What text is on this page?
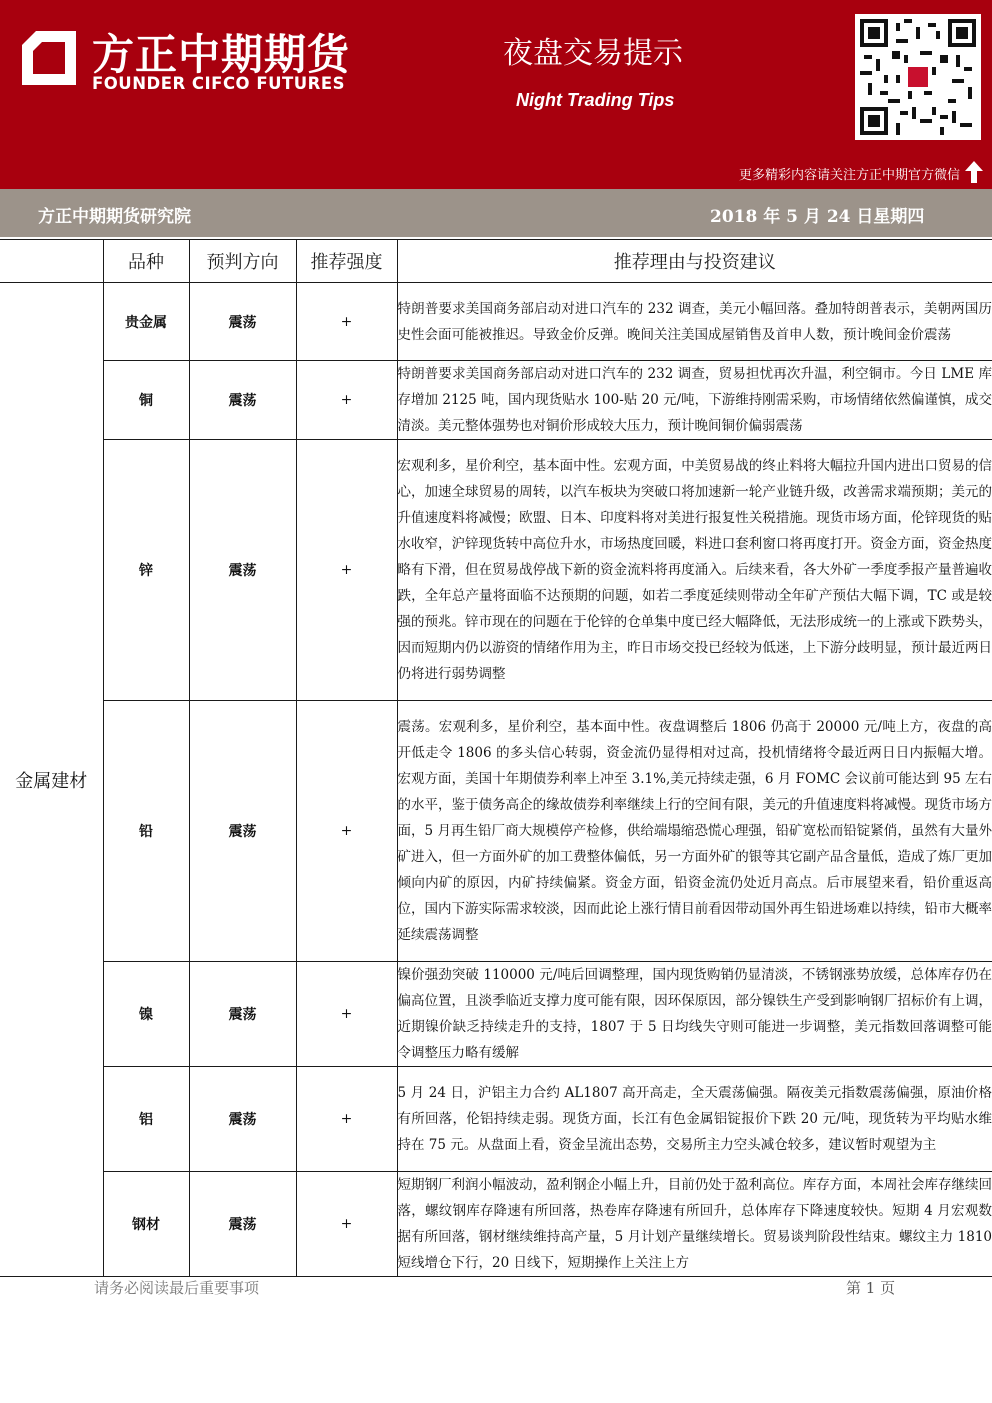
方正中期期货
FOUNDER CIFCO FUTURES
夜盘交易提示
Night Trading Tips
更多精彩内容请关注方正中期官方微信
方正中期期货研究院	2018 年 5 月 24 日星期四
	品种	预判方向	推荐强度	推荐理由与投资建议
金属建材	贵金属	震荡	+	特朗普要求美国商务部启动对进口汽车的 232 调查，美元小幅回落。叠加特朗普表示，美朝两国历史性会面可能被推迟。导致金价反弹。晚间关注美国成屋销售及首申人数，预计晚间金价震荡
	铜	震荡	+	特朗普要求美国商务部启动对进口汽车的 232 调查，贸易担忧再次升温，利空铜市。今日 LME 库存增加 2125 吨，国内现货贴水 100-贴 20 元/吨，下游维持刚需采购，市场情绪依然偏谨慎，成交清淡。美元整体强势也对铜价形成较大压力，预计晚间铜价偏弱震荡
	锌	震荡	+	宏观利多，星价利空，基本面中性。宏观方面，中美贸易战的终止料将大幅拉升国内进出口贸易的信心，加速全球贸易的周转，以汽车板块为突破口将加速新一轮产业链升级，改善需求端预期；美元的升值速度料将减慢；欧盟、日本、印度料将对美进行报复性关税措施。现货市场方面，伦锌现货的贴水收窄，沪锌现货转中高位升水，市场热度回暖，料进口套利窗口将再度打开。资金方面，资金热度略有下滑，但在贸易战停战下新的资金流料将再度涌入。后续来看，各大外矿一季度季报产量普遍收跌，全年总产量将面临不达预期的问题，如若二季度延续则带动全年矿产预估大幅下调，TC 或是较强的预兆。锌市现在的问题在于伦锌的仓单集中度已经大幅降低，无法形成统一的上涨或下跌势头，因而短期内仍以游资的情绪作用为主，昨日市场交投已经较为低迷，上下游分歧明显，预计最近两日仍将进行弱势调整
	铅	震荡	+	震荡。宏观利多，星价利空，基本面中性。夜盘调整后 1806 仍高于 20000 元/吨上方，夜盘的高开低走令 1806 的多头信心转弱，资金流仍显得相对过高，投机情绪将令最近两日日内振幅大增。宏观方面，美国十年期债券利率上冲至 3.1%,美元持续走强，6 月 FOMC 会议前可能达到 95 左右的水平，鉴于债务高企的缘故债券利率继续上行的空间有限，美元的升值速度料将减慢。现货市场方面，5 月再生铅厂商大规模停产检修，供给端塌缩恐慌心理强，铅矿宽松而铅锭紧俏，虽然有大量外矿进入，但一方面外矿的加工费整体偏低，另一方面外矿的银等其它副产品含量低，造成了炼厂更加倾向内矿的原因，内矿持续偏紧。资金方面，铅资金流仍处近月高点。后市展望来看，铅价重返高位，国内下游实际需求较淡，因而此论上涨行情目前看因带动国外再生铅进场难以持续，铅市大概率延续震荡调整
	镍	震荡	+	镍价强劲突破 110000 元/吨后回调整理，国内现货购销仍显清淡，不锈钢涨势放缓，总体库存仍在偏高位置，且淡季临近支撑力度可能有限，因环保原因，部分镍铁生产受到影响钢厂招标价有上调，近期镍价缺乏持续走升的支持，1807 于 5 日均线失守则可能进一步调整，美元指数回落调整可能令调整压力略有缓解
	铝	震荡	+	5 月 24 日，沪铝主力合约 AL1807 高开高走，全天震荡偏强。隔夜美元指数震荡偏强，原油价格有所回落，伦铝持续走弱。现货方面，长江有色金属铝锭报价下跌 20 元/吨，现货转为平均贴水维持在 75 元。从盘面上看，资金呈流出态势，交易所主力空头减仓较多，建议暂时观望为主
	钢材	震荡	+	短期钢厂利润小幅波动，盈利钢企小幅上升，目前仍处于盈利高位。库存方面，本周社会库存继续回落，螺纹钢库存降速有所回落，热卷库存降速有所回升，总体库存下降速度较快。短期 4 月宏观数据有所回落，钢材继续维持高产量，5 月计划产量继续增长。贸易谈判阶段性结束。螺纹主力 1810 短线增仓下行，20 日线下，短期操作上关注上方
请务必阅读最后重要事项	第 1 页
